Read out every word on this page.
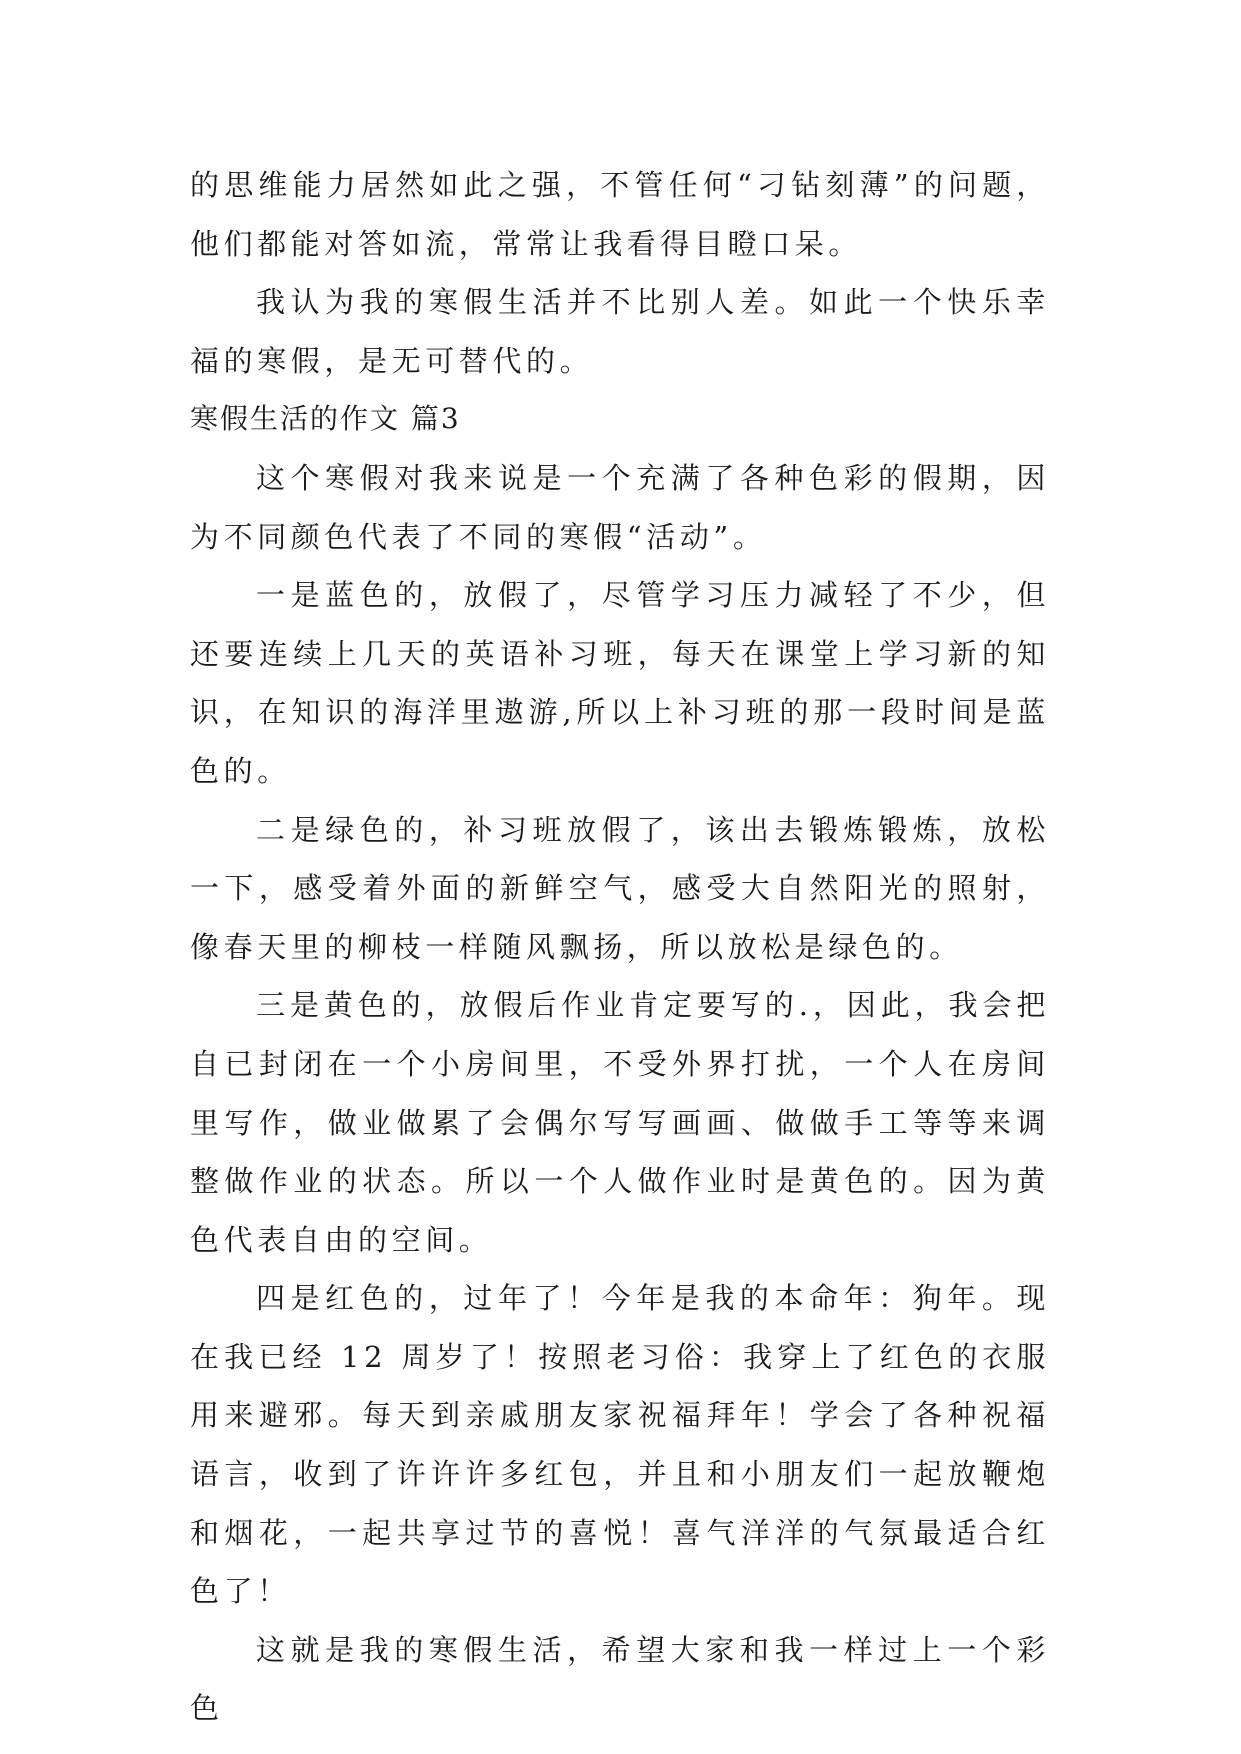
的思维能力居然如此之强，不管任何“刁钻刻薄”的问题，他们都能对答如流，常常让我看得目瞪口呆。

我认为我的寒假生活并不比别人差。如此一个快乐幸福的寒假，是无可替代的。

寒假生活的作文 篇3

这个寒假对我来说是一个充满了各种色彩的假期，因为不同颜色代表了不同的寒假“活动”。

一是蓝色的，放假了，尽管学习压力减轻了不少，但还要连续上几天的英语补习班，每天在课堂上学习新的知识，在知识的海洋里遨游,所以上补习班的那一段时间是蓝色的。

二是绿色的，补习班放假了，该出去锻炼锻炼，放松一下，感受着外面的新鲜空气，感受大自然阳光的照射，像春天里的柳枝一样随风飘扬，所以放松是绿色的。

三是黄色的，放假后作业肯定要写的.，因此，我会把自已封闭在一个小房间里，不受外界打扰，一个人在房间里写作，做业做累了会偶尔写写画画、做做手工等等来调整做作业的状态。所以一个人做作业时是黄色的。因为黄色代表自由的空间。

四是红色的，过年了！今年是我的本命年：狗年。现在我已经 12 周岁了！按照老习俗：我穿上了红色的衣服用来避邪。每天到亲戚朋友家祝福拜年！学会了各种祝福语言，收到了许许许多红包，并且和小朋友们一起放鞭炮和烟花，一起共享过节的喜悦！喜气洋洋的气氛最适合红色了！

这就是我的寒假生活，希望大家和我一样过上一个彩色
